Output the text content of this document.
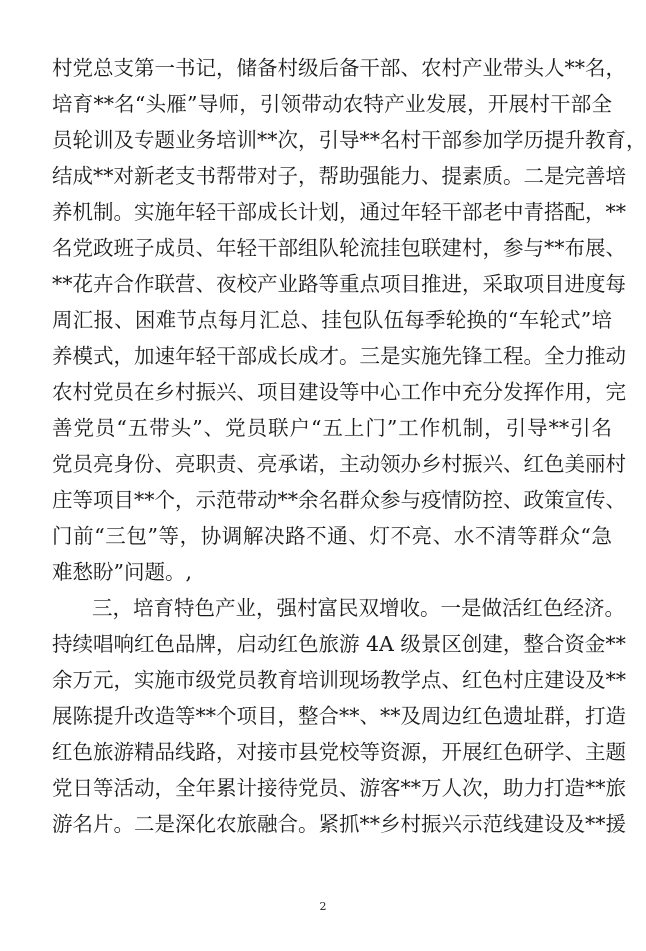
村党总支第一书记，储备村级后备干部、农村产业带头人**名，
培育**名“头雁”导师，引领带动农特产业发展，开展村干部全
员轮训及专题业务培训**次，引导**名村干部参加学历提升教育，
结成**对新老支书帮带对子，帮助强能力、提素质。二是完善培
养机制。实施年轻干部成长计划，通过年轻干部老中青搭配，**
名党政班子成员、年轻干部组队轮流挂包联建村，参与**布展、
**花卉合作联营、夜校产业路等重点项目推进，采取项目进度每
周汇报、困难节点每月汇总、挂包队伍每季轮换的“车轮式”培
养模式，加速年轻干部成长成才。三是实施先锋工程。全力推动
农村党员在乡村振兴、项目建设等中心工作中充分发挥作用，完
善党员“五带头”、党员联户“五上门”工作机制，引导**引名
党员亮身份、亮职责、亮承诺，主动领办乡村振兴、红色美丽村
庄等项目**个，示范带动**余名群众参与疫情防控、政策宣传、
门前“三包”等，协调解决路不通、灯不亮、水不清等群众“急
难愁盼”问题。,
三，培育特色产业，强村富民双增收。一是做活红色经济。
持续唱响红色品牌，启动红色旅游 4A 级景区创建，整合资金**
余万元，实施市级党员教育培训现场教学点、红色村庄建设及**
展陈提升改造等**个项目，整合**、**及周边红色遗址群，打造
红色旅游精品线路，对接市县党校等资源，开展红色研学、主题
党日等活动，全年累计接待党员、游客**万人次，助力打造**旅
游名片。二是深化农旅融合。紧抓**乡村振兴示范线建设及**援
2
